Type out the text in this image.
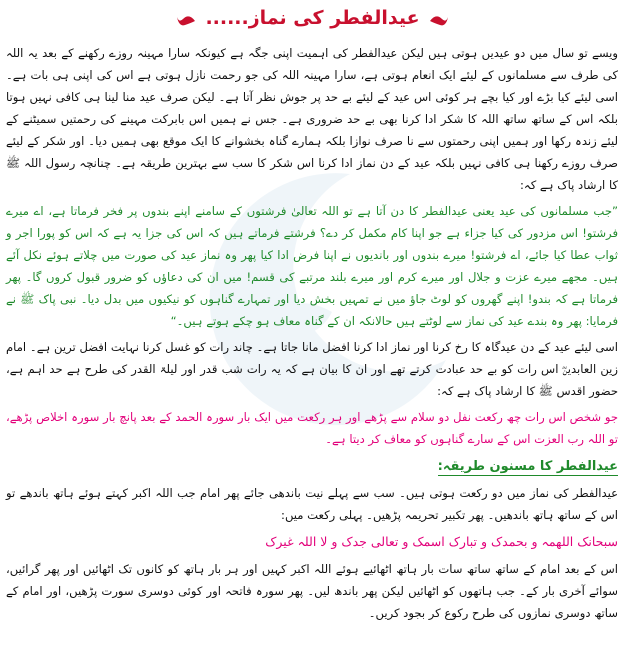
عیدالفطر کی نماز......

ویسے تو سال میں دو عیدیں ہوتی ہیں لیکن عیدالفطر کی اہمیت اپنی جگہ ہے کیونکہ سارا مہینہ روزے رکھنے کے بعد یہ اللہ کی طرف سے مسلمانوں کے لیئے ایک انعام ہوتی ہے، سارا مہینہ اللہ کی جو رحمت نازل ہوتی ہے اس کی اپنی ہی بات ہے۔ اسی لیئے کیا بڑے اور کیا بچے ہر کوئی اس عید کے لیئے بے حد پر جوش نظر آتا ہے۔ لیکن صرف عید منا لینا ہی کافی نہیں ہوتا بلکہ اس کے ساتھ ساتھ اللہ کا شکر ادا کرنا بھی بے حد ضروری ہے۔ جس نے ہمیں اس بابرکت مہینے کی رحمتیں سمیٹنے کے لیئے زندہ رکھا اور ہمیں اپنی رحمتوں سے نا صرف نوازا بلکہ ہمارے گناہ بخشوانے کا ایک موقع بھی ہمیں دیا۔ اور شکر کے لیئے صرف روزے رکھنا ہی کافی نہیں بلکہ عید کے دن نماز ادا کرنا اس شکر کا سب سے بہترین طریقہ ہے۔ چنانچہ رسول اللہ ﷺ کا ارشاد پاک ہے کہ:

”جب مسلمانوں کی عید یعنی عیدالفطر کا دن آتا ہے تو اللہ تعالیٰ فرشتوں کے سامنے اپنے بندوں پر فخر فرماتا ہے، اے میرے فرشتو! اس مزدور کی کیا جزاء ہے جو اپنا کام مکمل کر دے؟ فرشتے فرماتے ہیں کہ اس کی جزا یہ ہے کہ اس کو پورا اجر و ثواب عطا کیا جائے، اے فرشتو! میرے بندوں اور باندیوں نے اپنا فرض ادا کیا پھر وہ نماز عید کی صورت میں چلاتے ہوئے نکل آئے ہیں۔ مجھے میرے عزت و جلال اور میرے کرم اور میرے بلند مرتبے کی قسم! میں ان کی دعاؤں کو ضرور قبول کروں گا۔ پھر فرماتا ہے کہ بندو! اپنے گھروں کو لوٹ جاؤ میں نے تمہیں بخش دیا اور تمہارے گناہوں کو نیکیوں میں بدل دیا۔ نبی پاک ﷺ نے فرمایا: پھر وہ بندے عید کی نماز سے لوٹتے ہیں حالانکہ ان کے گناہ معاف ہو چکے ہوتے ہیں۔“

اسی لیئے عید کے دن عیدگاہ کا رخ کرنا اور نماز ادا کرنا افضل مانا جاتا ہے۔ چاند رات کو غسل کرنا نہایت افضل ترین ہے۔ امام زین العابدینؓ اس رات کو بے حد عبادت کرتے تھے اور ان کا بیان ہے کہ یہ رات شب قدر اور لیلۃ القدر کی طرح ہے حد اہم ہے، حضور اقدس ﷺ کا ارشاد پاک ہے کہ:

جو شخص اس رات چھ رکعت نفل دو سلام سے پڑھے اور ہر رکعت میں ایک بار سورہ الحمد کے بعد پانچ بار سورہ اخلاص پڑھے، تو اللہ رب العزت اس کے سارے گناہوں کو معاف کر دیتا ہے۔

عیدالفطر کا مسنون طریقہ:

عیدالفطر کی نماز میں دو رکعت ہوتی ہیں۔ سب سے پہلے نیت باندھی جائے پھر امام جب اللہ اکبر کہتے ہوئے ہاتھ باندھے تو اس کے ساتھ ہاتھ باندھیں۔ پھر تکبیر تحریمہ پڑھیں۔ پہلی رکعت میں:

سبحانک اللھمہ و بحمدک و تبارک اسمک و تعالی جدک و لا اللہ غیرک

اس کے بعد امام کے ساتھ ساتھ سات بار ہاتھ اٹھائیے ہوئے اللہ اکبر کہیں اور ہر بار ہاتھ کو کانوں تک اٹھائیں اور پھر گرائیں، سوائے آخری بار کے۔ جب ہاتھوں کو اٹھائیں لیکن پھر باندھ لیں۔ پھر سورہ فاتحہ اور کوئی دوسری سورت پڑھیں، اور امام کے ساتھ دوسری نمازوں کی طرح رکوع کر بجود کریں۔
